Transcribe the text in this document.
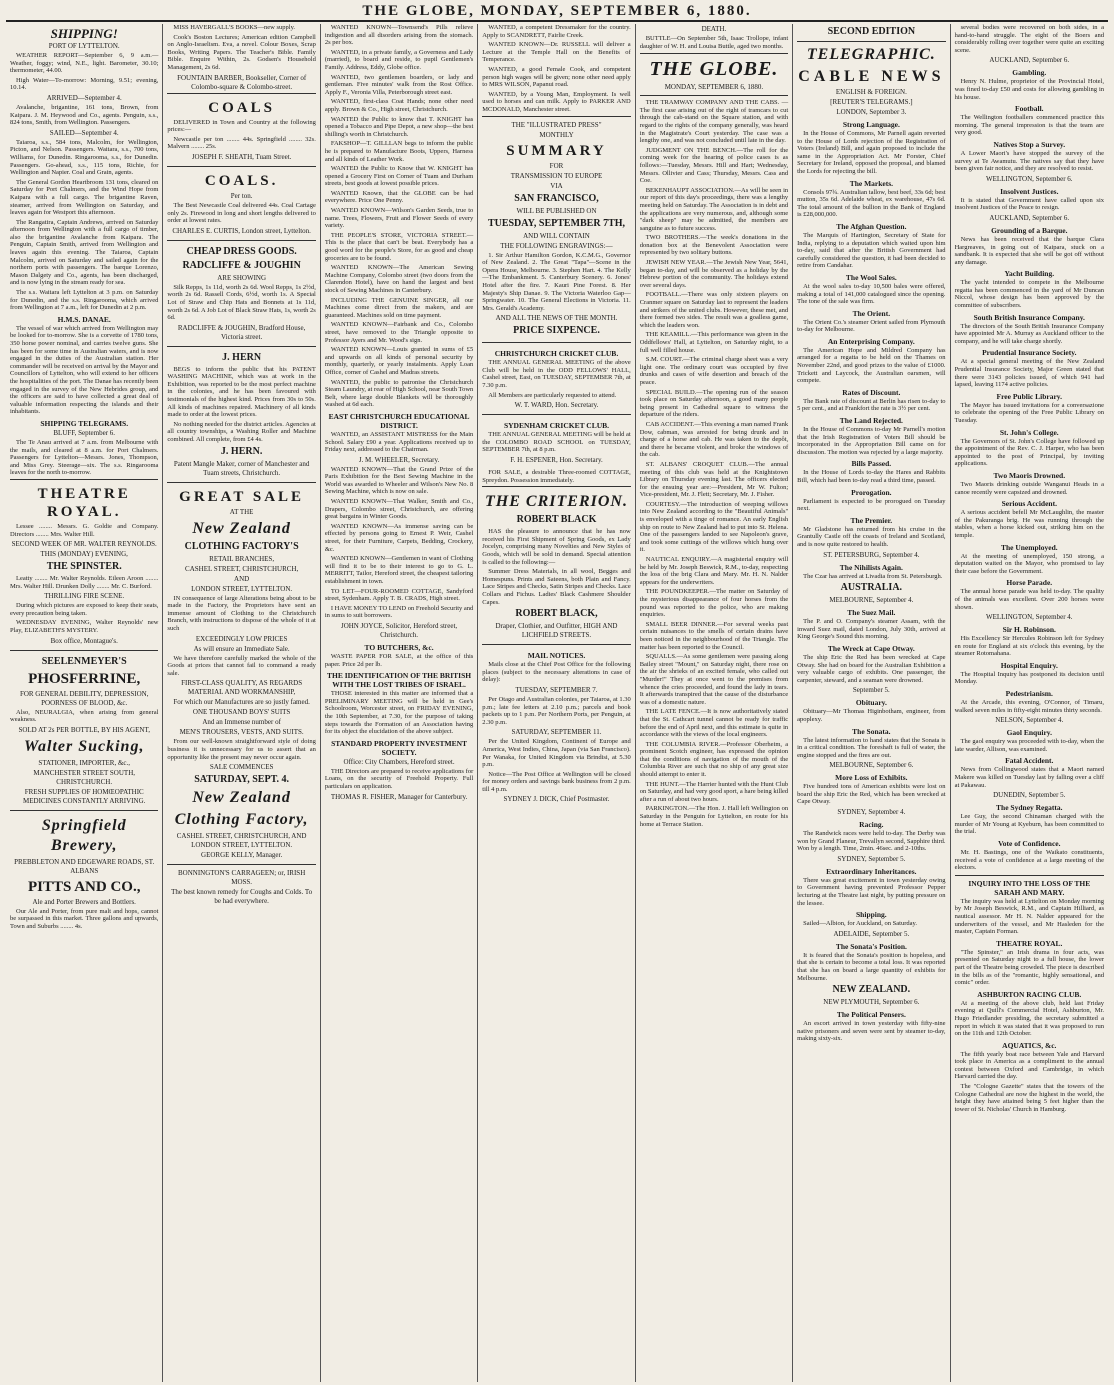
THE GLOBE, MONDAY, SEPTEMBER 6, 1880.
SHIPPING!
PORT OF LYTTELTON.

WEATHER REPORT—September 6, 9 a.m.—Weather, foggy; wind, N.E., light. Barometer, 30.10; thermometer, 44.00.

High Water—To-morrow: Morning, 9.51; evening, 10.14.

ARRIVED—September 4.

Avalanche, brigantine, 161 tons, Brown, from Kaipara. J. M. Heywood and Co., agents. Penguin, s.s., 824 tons, Smith, from Wellington. Passengers.

SAILED—September 4.

Taiaroa, s.s., 584 tons, Malcolm, for Wellington, Picton, and Nelson. Passengers. Waitara, s.s., 700 tons, Williams, for Dunedin. Ringarooma, s.s., for Dunedin. Passengers. Go-ahead, s.s., 115 tons, Richie, for Wellington and Napier. Coal and Grain, agents.

The General Gordon Heartbroom 131 tons, cleared on Saturday for Port Chalmers, and the Wind Hope from Kaipara with a full cargo. The brigantine Raven, steamer, arrived from Wellington on Saturday, and leaves again for Westport this afternoon.

The Rangatira, Captain Andrews, arrived on Saturday afternoon from Wellington with a full cargo of timber, also the brigantine Avalanche from Kaipara. The Penguin, Captain Smith, arrived from Wellington and leaves again this evening. The Taiaroa, Captain Malcolm, arrived on Saturday and sailed again for the northern ports with passengers. The barque Lorenzo, Mason Dalgety and Co., agents, has been discharged, and is now lying in the stream ready for sea.

The s.s. Waitara left Lyttelton at 3 p.m. on Saturday for Dunedin, and the s.s. Ringarooma, which arrived from Wellington at 7 a.m., left for Dunedin at 2 p.m.

H.M.S. DANAE.

The vessel of war which arrived from Wellington may be looked for to-morrow. She is a corvette of 1780 tons, 350 horse power nominal, and carries twelve guns. She has been for some time in Australian waters, and is now engaged in the duties of the Australian station. Her commander will be received on arrival by the Mayor and Councillors of Lyttelton, who will extend to her officers the hospitalities of the port. The Danae has recently been engaged in the survey of the New Hebrides group, and the officers are said to have collected a great deal of valuable information respecting the islands and their inhabitants.

SHIPPING TELEGRAMS.
BLUFF, September 6.

The Te Anau arrived at 7 a.m. from Melbourne with the mails, and cleared at 8 a.m. for Port Chalmers. Passengers for Lyttelton—Messrs. Jones, Thompson, and Miss Grey. Steerage—six. The s.s. Ringarooma leaves for the north to-morrow.

THEATRE ROYAL.

Lessee ........ Messrs. G. Goldie and Company. Directors ........ Mrs. Walter Hill.

SECOND WEEK OF MR. WALTER REYNOLDS.
THIS (MONDAY) EVENING,
THE SPINSTER.

Leatty ........ Mr. Walter Reynolds. Eileen Aroon ........ Mrs. Walter Hill. Drunken Dolly ........ Mr. C. Burford.

THRILLING FIRE SCENE.

During which pictures are exposed to keep their seats, every precaution being taken.

WEDNESDAY EVENING, Walter Reynolds' new Play, ELIZABETH'S MYSTERY.

Box office, Montague's.
SEELENMEYER'S
PHOSFERRINE,
FOR GENERAL DEBILITY, DEPRESSION, POORNESS OF BLOOD, &c.

Also, NEURALGIA, when arising from general weakness.

SOLD AT 2s PER BOTTLE, BY HIS AGENT,
Walter Sucking,
STATIONER, IMPORTER, &c.,
MANCHESTER STREET SOUTH, CHRISTCHURCH.
FRESH SUPPLIES OF HOMŒOPATHIC MEDICINES CONSTANTLY ARRIVING.
Springfield Brewery,
PREBBLETON AND EDGEWARE ROADS, ST. ALBANS
PITTS AND CO.,
Ale and Porter Brewers and Bottlers.

Our Ale and Porter, from pure malt and hops, cannot be surpassed in this market. Three gallons and upwards, Town and Suburbs ........ 4s.

MISS HAVERGALL'S BOOKS—new supply.

Cook's Boston Lectures; American edition Campbell on Anglo-Israelism. Eva, a novel. Colour Boxes, Scrap Books, Writing Papers. The Teacher's Bible. Family Bible. Enquire Within, 2s. Godsen's Household Management, 2s 6d.

FOUNTAIN BARBER, Bookseller, Corner of Colombo-square & Colombo-street.
COALS

DELIVERED in Town and Country at the following prices:—

Newcastle per ton ........ 44s. Springfield ........ 32s. Malvern ........ 25s.

JOSEPH F. SHEATH, Tuam Street.
COALS.
Per ton.

The Best Newcastle Coal delivered 44s. Coal Cartage only 2s. Firewood in long and short lengths delivered to order at lowest rates.

CHARLES E. CURTIS, London street, Lyttelton.
CHEAP DRESS GOODS.
RADCLIFFE & JOUGHIN
ARE SHOWING

Silk Repps, 1s 11d, worth 2s 6d. Wool Repps, 1s 2½d, worth 2s 6d. Rassell Cords, 6½d, worth 1s. A Special Lot of Straw and Chip Hats and Bonnets at 1s 11d, worth 2s 6d. A Job Lot of Black Straw Hats, 1s, worth 2s 6d.

RADCLIFFE & JOUGHIN, Bradford House, Victoria street.
J. HERN

BEGS to inform the public that his PATENT WASHING MACHINE, which was at work in the Exhibition, was reported to be the most perfect machine in the colonies, and he has been favoured with testimonials of the highest kind. Prices from 30s to 50s. All kinds of machines repaired. Machinery of all kinds made to order at the lowest prices.

No nothing needed for the district articles. Agencies at all country townships, a Washing Roller and Machine combined. All complete, from £4 4s.

J. HERN.
Patent Mangle Maker, corner of Manchester and Tuam streets, Christchurch.
GREAT SALE
AT THE
New Zealand
CLOTHING FACTORY'S
RETAIL BRANCHES,
CASHEL STREET, CHRISTCHURCH,
AND
LONDON STREET, LYTTELTON.

IN consequence of large Alterations being about to be made in the Factory, the Proprietors have sent an immense amount of Clothing to the Christchurch Branch, with instructions to dispose of the whole of it at such

EXCEEDINGLY LOW PRICES
As will ensure an Immediate Sale.

We have therefore carefully marked the whole of the Goods at prices that cannot fail to command a ready sale.

FIRST-CLASS QUALITY, AS REGARDS MATERIAL AND WORKMANSHIP,
For which our Manufactures are so justly famed.
ONE THOUSAND BOYS' SUITS
And an Immense number of
MEN'S TROUSERS, VESTS, AND SUITS.

From our well-known straightforward style of doing business it is unnecessary for us to assert that an opportunity like the present may never occur again.

SALE COMMENCES
SATURDAY, SEPT. 4.
New Zealand
Clothing Factory,
CASHEL STREET, CHRISTCHURCH, AND LONDON STREET, LYTTELTON.
GEORGE KELLY, Manager.
BONNINGTON'S CARRAGEEN; or, IRISH MOSS.
The best known remedy for Coughs and Colds. To be had everywhere.

WANTED KNOWN—Townsend's Pills relieve indigestion and all disorders arising from the stomach. 2s per box.

WANTED, in a private family, a Governess and Lady (married), to board and reside, to pupil Gentlemen's Family. Address, Eddy, Globe office.

WANTED, two gentlemen boarders, or lady and gentleman. Five minutes' walk from the Rost Office. Apply F., Veronia Villa, Peterborough street east.

WANTED, first-class Coat Hands; none other need apply. Brown & Co., High street, Christchurch.

WANTED the Public to know that T. KNIGHT has opened a Tobacco and Pipe Depot, a new shop—the best shilling's worth in Christchurch.

FAKSHOP—T. GILLLAN begs to inform the public he is prepared to Manufacture Boots, Uppers, Harness and all kinds of Leather Work.

WANTED the Public to Know that W. KNIGHT has opened a Grocery First on Corner of Tuam and Durham streets, best goods at lowest possible prices.

WANTED Known, that the GLOBE can be had everywhere. Price One Penny.

WANTED KNOWN—Wilson's Garden Seeds, true to name. Trees, Flowers, Fruit and Flower Seeds of every variety.

THE PEOPLE'S STORE, VICTORIA STREET.—This is the place that can't be beat. Everybody has a good word for the people's Store, for as good and cheap groceries are to be found.

WANTED KNOWN—The American Sewing Machine Company, Colombo street (two doors from the Clarendon Hotel), have on hand the largest and best stock of Sewing Machines in Canterbury.

INCLUDING THE GENUINE SINGER, all our Machines come direct from the makers, and are guaranteed. Machines sold on time payment.

WANTED KNOWN—Fairbank and Co., Colombo street, have removed to the Triangle opposite to Professor Ayers and Mr. Wood's sign.

WANTED KNOWN—Louis granted in sums of £5 and upwards on all kinds of personal security by monthly, quarterly, or yearly instalments. Apply Loan Office, corner of Cashel and Madras streets.

WANTED, the public to patronise the Christchurch Steam Laundry, at rear of High School, near South Town Belt, where large double Blankets will be thoroughly washed at 6d each.

EAST CHRISTCHURCH EDUCATIONAL DISTRICT.

WANTED, an ASSISTANT MISTRESS for the Main School. Salary £90 a year. Applications received up to Friday next, addressed to the Chairman.

J. M. WHEELER, Secretary.

WANTED KNOWN—That the Grand Prize of the Paris Exhibition for the Best Sewing Machine in the World was awarded to Wheeler and Wilson's New No. 8 Sewing Machine, which is now on sale.

WANTED KNOWN—That Walker, Smith and Co., Drapers, Colombo street, Christchurch, are offering great bargains in Winter Goods.

WANTED KNOWN—As immense saving can be effected by persons going to Ernest P. Weir, Cashel street, for their Furniture, Carpets, Bedding, Crockery, &c.

WANTED KNOWN—Gentlemen in want of Clothing will find it to be to their interest to go to G. L. MERRITT, Tailor, Hereford street, the cheapest tailoring establishment in town.

TO LET—FOUR-ROOMED COTTAGE, Sandyford street, Sydenham. Apply T. B. CRADS, High street.

I HAVE MONEY TO LEND on Freehold Security and in sums to suit borrowers.

JOHN JOYCE, Solicitor, Hereford street, Christchurch.
TO BUTCHERS, &c.

WASTE PAPER FOR SALE, at the office of this paper. Price 2d per lb.

THE IDENTIFICATION OF THE BRITISH WITH THE LOST TRIBES OF ISRAEL.

THOSE interested in this matter are informed that a PRELIMINARY MEETING will be held in Gee's Schoolroom, Worcester street, on FRIDAY EVENING, the 10th September, at 7.30, for the purpose of taking steps towards the Formation of an Association having for its object the elucidation of the above subject.

STANDARD PROPERTY INVESTMENT SOCIETY.
Office: City Chambers, Hereford street.

THE Directors are prepared to receive applications for Loans, on the security of Freehold Property. Full particulars on application.

THOMAS R. FISHER, Manager for Canterbury.

WANTED, a competent Dressmaker for the country. Apply to SCANDRETT, Fairlie Creek.

WANTED KNOWN—Dr. RUSSELL will deliver a Lecture at the Temple Hall on the Benefits of Temperance.

WANTED, a good Female Cook, and competent person high wages will be given; none other need apply to MRS WILSON, Papanui road.

WANTED, by a Young Man, Employment. Is well used to horses and can milk. Apply to PARKER AND MCDONALD, Manchester street.

THE "ILLUSTRATED PRESS"
MONTHLY
SUMMARY
FOR
TRANSMISSION TO EUROPE
VIA
SAN FRANCISCO,
WILL BE PUBLISHED ON
TUESDAY, SEPTEMBER 7TH,
AND WILL CONTAIN
THE FOLLOWING ENGRAVINGS:—

1. Sir Arthur Hamilton Gordon, K.C.M.G., Governor of New Zealand. 2. The Great "Tapa"—Scene in the Opera House, Melbourne. 3. Stephen Hart. 4. The Kelly—The Embankment. 5. Canterbury Scenery. 6. Jones' Hotel after the fire. 7. Kauri Pine Forest. 8. Her Majesty's Ship Danae. 9. The Victoria Waterloo Gap—Springwater. 10. The General Elections in Victoria. 11. Mrs. Gerald's Academy.

AND ALL THE NEWS OF THE MONTH.
PRICE SIXPENCE.
CHRISTCHURCH CRICKET CLUB.

THE ANNUAL GENERAL MEETING of the above Club will be held in the ODD FELLOWS' HALL, Cashel street, East, on TUESDAY, SEPTEMBER 7th, at 7.30 p.m.

All Members are particularly requested to attend.

W. T. WARD, Hon. Secretary.
SYDENHAM CRICKET CLUB.

THE ANNUAL GENERAL MEETING will be held at the COLOMBO ROAD SCHOOL on TUESDAY, SEPTEMBER 7th, at 8 p.m.

F. H. ESPENER, Hon. Secretary.

FOR SALE, a desirable Three-roomed COTTAGE, Spreydon. Possession immediately.

THE CRITERION.
ROBERT BLACK

HAS the pleasure to announce that he has now received his First Shipment of Spring Goods, ex Lady Jocelyn, comprising many Novelties and New Styles of Goods, which will be sold in demand. Special attention is called to the following:—

Summer Dress Materials, in all wool, Begges and Homespuns. Prints and Sateens, both Plain and Fancy. Lace Stripes and Checks, Satin Stripes and Checks. Lace Collars and Fichus. Ladies' Black Cashmere Shoulder Capes.

ROBERT BLACK,
Draper, Clothier, and Outfitter, HIGH AND LICHFIELD STREETS.
MAIL NOTICES.

Mails close at the Chief Post Office for the following places (subject to the necessary alterations in case of delay):

TUESDAY, SEPTEMBER 7.

Per Otago and Australian colonies, per Taiaroa, at 1.30 p.m.; late fee letters at 2.10 p.m.; parcels and book packets up to 1 p.m. Per Northern Ports, per Penguin, at 2.30 p.m.

SATURDAY, SEPTEMBER 11.

Per the United Kingdom, Continent of Europe and America, West Indies, China, Japan (via San Francisco). Per Wanaka, for United Kingdom via Brindisi, at 5.30 p.m.

Notice—The Post Office at Wellington will be closed for money orders and savings bank business from 2 p.m. till 4 p.m.

SYDNEY J. DICK, Chief Postmaster.
DEATH.

BUTTLE—On September 5th, Isaac Trollope, infant daughter of W. H. and Louisa Buttle, aged two months.

THE GLOBE.
MONDAY, SEPTEMBER 6, 1880.

THE TRAMWAY COMPANY AND THE CABS. —The first case arising out of the right of tramcars to cut through the cab-stand on the Square station, and with regard to the rights of the company generally, was heard in the Magistrate's Court yesterday. The case was a lengthy one, and was not concluded until late in the day.

JUDGMENT ON THE BENCH.—The roll for the coming week for the hearing of police cases is as follows:—Tuesday, Messrs. Hill and Hart; Wednesday, Messrs. Ollivier and Cass; Thursday, Messrs. Cass and Coe.

BEKENHAUPT ASSOCIATION.—As will be seen in our report of this day's proceedings, there was a lengthy meeting held on Saturday. The Association is in debt and the applications are very numerous, and, although some "dark sheep" may be admitted, the members are sanguine as to future success.

TWO BROTHERS.—The week's donations in the donation box at the Benevolent Association were represented by two solitary buttons.

JEWISH NEW YEAR.—The Jewish New Year, 5641, began to-day, and will be observed as a holiday by the Hebrew portion of the community. The holidays extend over several days.

FOOTBALL.—There was only sixteen players on Cranmer square on Saturday last to represent the leaders and strikers of the united clubs. However, these met, and there formed two sides. The result was a goalless game, which the leaders won.

THE KEAMILL.—This performance was given in the Oddfellows' Hall, at Lyttelton, on Saturday night, to a full well filled house.

S.M. COURT.—The criminal charge sheet was a very light one. The ordinary court was occupied by five drunks and cases of wife desertion and breach of the peace.

SPECIAL BUILD.—The opening run of the season took place on Saturday afternoon, a good many people being present in Cathedral square to witness the departure of the riders.

CAB ACCIDENT.—This evening a man named Frank Dow, cabman, was arrested for being drunk and in charge of a horse and cab. He was taken to the depôt, and there he became violent, and broke the windows of the cab.

ST. ALBANS' CROQUET CLUB.—The annual meeting of this club was held at the Knightstown Library on Thursday evening last. The officers elected for the ensuing year are:—President, Mr W. Fulton; Vice-president, Mr. J. Flett; Secretary, Mr. J. Fisher.

COURTESY.—The introduction of weeping willows into New Zealand according to the "Beautiful Animals" is enveloped with a tinge of romance. An early English ship on route to New Zealand had to put into St. Helena. One of the passengers landed to see Napoleon's grave, and took some cuttings of the willows which hung over it.

NAUTICAL ENQUIRY.—A magisterial enquiry will be held by Mr. Joseph Beswick, R.M., to-day, respecting the loss of the brig Clara and Mary. Mr. H. N. Nalder appears for the underwriters.

THE POUNDKEEPER.—The matter on Saturday of the mysterious disappearance of four horses from the pound was reported to the police, who are making enquiries.

SMALL BEER DINNER.—For several weeks past certain nuisances to the smells of certain drains have been noticed in the neighbourhood of the Triangle. The matter has been reported to the Council.

SQUALLS.—As some gentlemen were passing along Bailey street "Mount," on Saturday night, there rose on the air the shrieks of an excited female, who called out "Murder!" They at once went to the premises from whence the cries proceeded, and found the lady in tears. It afterwards transpired that the cause of the disturbance was of a domestic nature.

THE LATE FENCE.—It is now authoritatively stated that the St. Cathcart tunnel cannot be ready for traffic before the end of April next, and this estimate is quite in accordance with the views of the local engineers.

THE COLUMBIA RIVER.—Professor Oberheim, a prominent Scotch engineer, has expressed the opinion that the conditions of navigation of the mouth of the Columbia River are such that no ship of any great size should attempt to enter it.

THE HUNT.—The Harrier hunted with the Hunt Club on Saturday, and had very good sport, a hare being killed after a run of about two hours.

PARKINGTON.—The Hon. J. Hall left Wellington on Saturday in the Penguin for Lyttelton, en route for his home at Terrace Station.

SECOND EDITION
TELEGRAPHIC.
CABLE NEWS
ENGLISH & FOREIGN.
[REUTER'S TELEGRAMS.]
LONDON, September 3.
Strong Language.

In the House of Commons, Mr Parnell again reverted to the House of Lords rejection of the Registration of Voters (Ireland) Bill, and again proposed to include the same in the Appropriation Act. Mr Forster, Chief Secretary for Ireland, opposed the proposal, and blamed the Lords for rejecting the bill.

The Markets.

Consols 97¾. Australian tallow, best beef, 33s 6d; best mutton, 35s 6d. Adelaide wheat, ex warehouse, 47s 6d. The total amount of the bullion in the Bank of England is £28,000,000.

The Afghan Question.

The Marquis of Hartington, Secretary of State for India, replying to a deputation which waited upon him to-day, said that after the British Government had carefully considered the question, it had been decided to retire from Candahar.

The Wool Sales.

At the wool sales to-day 10,500 bales were offered, making a total of 141,000 catalogued since the opening. The tone of the sale was firm.

The Orient.

The Orient Co.'s steamer Orient sailed from Plymouth to-day for Melbourne.

An Enterprising Company.

The American Hope and Mildred Company has arranged for a regatta to be held on the Thames on November 22nd, and good prizes to the value of £1000. Trickett and Laycock, the Australian oarsmen, will compete.

Rates of Discount.

The Bank rate of discount at Berlin has risen to-day to 5 per cent., and at Frankfort the rate is 3½ per cent.

The Land Rejected.

In the House of Commons to-day Mr Parnell's motion that the Irish Registration of Voters Bill should be incorporated in the Appropriation Bill came on for discussion. The motion was rejected by a large majority.

Bills Passed.

In the House of Lords to-day the Hares and Rabbits Bill, which had been to-day read a third time, passed.

Prorogation.

Parliament is expected to be prorogued on Tuesday next.

The Premier.

Mr Gladstone has returned from his cruise in the Grantully Castle off the coasts of Ireland and Scotland, and is now quite restored to health.

ST. PETERSBURG, September 4.
The Nihilists Again.

The Czar has arrived at Livadia from St. Petersburgh.

AUSTRALIA.
MELBOURNE, September 4.
The Suez Mail.

The P. and O. Company's steamer Assam, with the inward Suez mail, dated London, July 30th, arrived at King George's Sound this morning.

The Wreck at Cape Otway.

The ship Eric the Red has been wrecked at Cape Otway. She had on board for the Australian Exhibition a very valuable cargo of exhibits. One passenger, the carpenter, steward, and a seaman were drowned.

September 5.
Obituary.

Obituary—Mr Thomas Higinbotham, engineer, from apoplexy.

The Sonata.

The latest information to hand states that the Sonata is in a critical condition. The foreshaft is full of water, the engine stopped and the fires are out.

MELBOURNE, September 6.
More Loss of Exhibits.

Five hundred tons of American exhibits were lost on board the ship Eric the Red, which has been wrecked at Cape Otway.

SYDNEY, September 4.
Racing.

The Randwick races were held to-day. The Derby was won by Grand Flaneur, Trevallyn second, Sapphire third. Won by a length. Time, 2min. 46sec. and 2-10ths.

SYDNEY, September 5.
Extraordinary Inheritances.

There was great excitement in town yesterday owing to Government having prevented Professor Pepper lecturing at the Theatre last night, by putting pressure on the lessee.

Shipping.

Sailed—Albion, for Auckland, on Saturday.

ADELAIDE, September 5.
The Sonata's Position.

It is feared that the Sonata's position is hopeless, and that she is certain to become a total loss. It was reported that she has on board a large quantity of exhibits for Melbourne.

NEW ZEALAND.
NEW PLYMOUTH, September 6.
The Political Pensers.

An escort arrived in town yesterday with fifty-nine native prisoners and seven were sent by steamer to-day, making sixty-six.

several bodies were recovered on both sides, in a hand-to-hand struggle. The eight of the Boers and considerably rolling over together were quite an exciting scene.

AUCKLAND, September 6.
Gambling.

Henry N. Hulme, proprietor of the Provincial Hotel, was fined to-day £50 and costs for allowing gambling in his house.

Football.

The Wellington footballers commenced practice this morning. The general impression is that the team are very good.

Natives Stop a Survey.

A Lower Maori's have stopped the survey of the survey at Te Awamutu. The natives say that they have been given fair notice, and they are resolved to resist.

WELLINGTON, September 6.
Insolvent Justices.

It is stated that Government have called upon six insolvent Justices of the Peace to resign.

AUCKLAND, September 6.
Grounding of a Barque.

News has been received that the barque Clara Hargreaves, in going out of Kaipara, stuck on a sandbank. It is expected that she will be got off without any damage.

Yacht Building.

The yacht intended to compete in the Melbourne regatta has been commenced in the yard of Mr Duncan Niccol, whose design has been approved by the committee of subscribers.

South British Insurance Company.

The directors of the South British Insurance Company have appointed Mr A. Murray as Auckland officer to the company, and he will take charge shortly.

Prudential Insurance Society.

At a special general meeting of the New Zealand Prudential Insurance Society, Major Green stated that there were 3143 policies issued, of which 941 had lapsed, leaving 1174 active policies.

Free Public Library.

The Mayor has issued invitations for a conversazione to celebrate the opening of the Free Public Library on Tuesday.

St. John's College.

The Governors of St. John's College have followed up the appointment of the Rev. C. J. Harper, who has been appointed to the post of Principal, by inviting applications.

Two Maoris Drowned.

Two Maoris drinking outside Wanganui Heads in a canoe recently were capsized and drowned.

Serious Accident.

A serious accident befell Mr McLaughlin, the master of the Pakuranga brig. He was running through the stables, when a horse kicked out, striking him on the temple.

The Unemployed.

At the meeting of unemployed, 150 strong, a deputation waited on the Mayor, who promised to lay their case before the Government.

Horse Parade.

The annual horse parade was held to-day. The quality of the animals was excellent. Over 200 horses were shown.

WELLINGTON, September 4.
Sir H. Robinson.

His Excellency Sir Hercules Robinson left for Sydney en route for England at six o'clock this evening, by the steamer Rotomahana.

Hospital Enquiry.

The Hospital Inquiry has postponed its decision until Monday.

Pedestrianism.

At the Arcade, this evening, O'Connor, of Timaru, walked seven miles in fifty-eight minutes thirty seconds.

NELSON, September 4.
Gaol Enquiry.

The gaol enquiry was proceeded with to-day, when the late warder, Allison, was examined.

Fatal Accident.

News from Collingwood states that a Maori named Makere was killed on Tuesday last by falling over a cliff at Pakawau.

DUNEDIN, September 5.
The Sydney Regatta.

Lee Guy, the second Chinaman charged with the murder of Mr Young at Kyeburn, has been committed to the trial.

Vote of Confidence.

Mr. H. Bastings, one of the Waikato constituents, received a vote of confidence at a large meeting of the electors.

INQUIRY INTO THE LOSS OF THE SARAH AND MARY.

The inquiry was held at Lyttelton on Monday morning by Mr Joseph Beswick, R.M., and Captain Hilliard, as nautical assessor. Mr H. N. Nalder appeared for the underwriters of the vessel, and Mr Hasleden for the master, Captain Forman.

THEATRE ROYAL.

"The Spinster," an Irish drama in four acts, was presented on Saturday night to a full house, the lower part of the Theatre being crowded. The piece is described in the bills as of the "romantic, highly sensational, and comic" order.

ASHBURTON RACING CLUB.

At a meeting of the above club, held last Friday evening at Quill's Commercial Hotel, Ashburton, Mr. Hugo Friedlander presiding, the secretary submitted a report in which it was stated that it was proposed to run on the 11th and 12th October.

AQUATICS, &c.

The fifth yearly boat race between Yale and Harvard took place in America as a compliment to the annual contest between Oxford and Cambridge, in which Harvard carried the day.

The "Cologne Gazette" states that the towers of the Cologne Cathedral are now the highest in the world, the height they have attained being 5 feet higher than the tower of St. Nicholas' Church in Hamburg.
